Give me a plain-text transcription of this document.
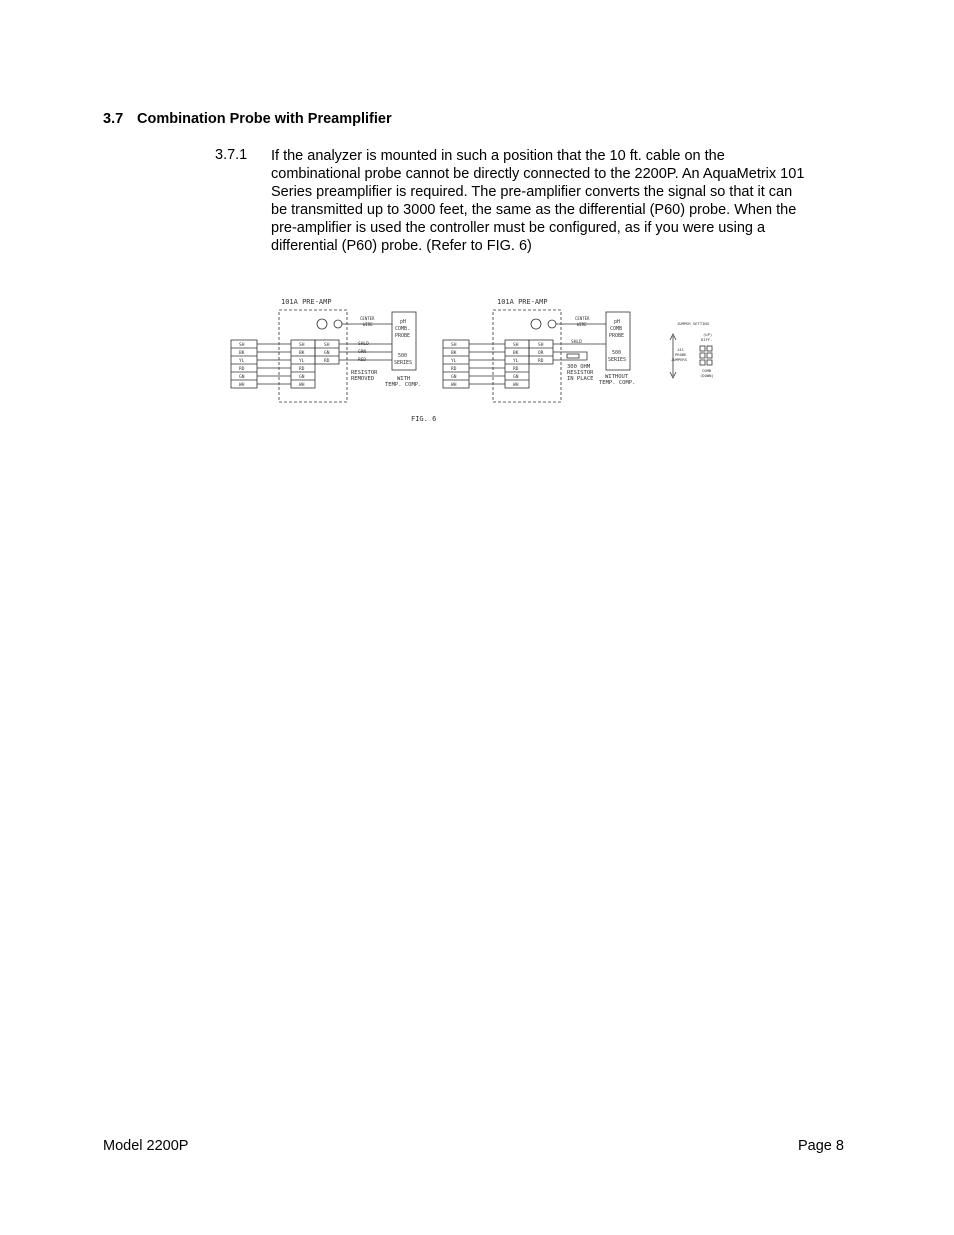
3.7 Combination Probe with Preamplifier
3.7.1 If the analyzer is mounted in such a position that the 10 ft. cable on the
combinational probe cannot be directly connected to the 2200P. An AquaMetrix 101
Series preamplifier is required. The pre-amplifier converts the signal so that it can
be transmitted up to 3000 feet, the same as the differential (P60) probe. When the
pre-amplifier is used the controller must be configured, as if you were using a
differential (P60) probe. (Refer to FIG. 6)
101A PRE-AMP
CENTER
WIRE	pH
COMB.
PROBE
500
SERIES
SH
BK
YL
RD
GN
WH
SH
BK
YL
RD
GN
WH
SH
GN
RD
SHLD
GRN
RED
RESISTOR
REMOVED	WITH
TEMP. COMP.
101A PRE-AMP
CENTER
WIRE	pH
COMB
PROBE
500
SERIES
SH
BK
YL
RD
GN
WH
SH
BK
YL
RD
GN
WH
SH
OR
RD
SHLD
300 OHM
RESISTOR
IN PLACE WITHOUT
TEMP. COMP.
JUMPER SETTING
(UP)
DIFF.
J41
PROBE
JUMPERS
COMB
(DOWN)
FIG. 6
Model 2200P	Page 8
